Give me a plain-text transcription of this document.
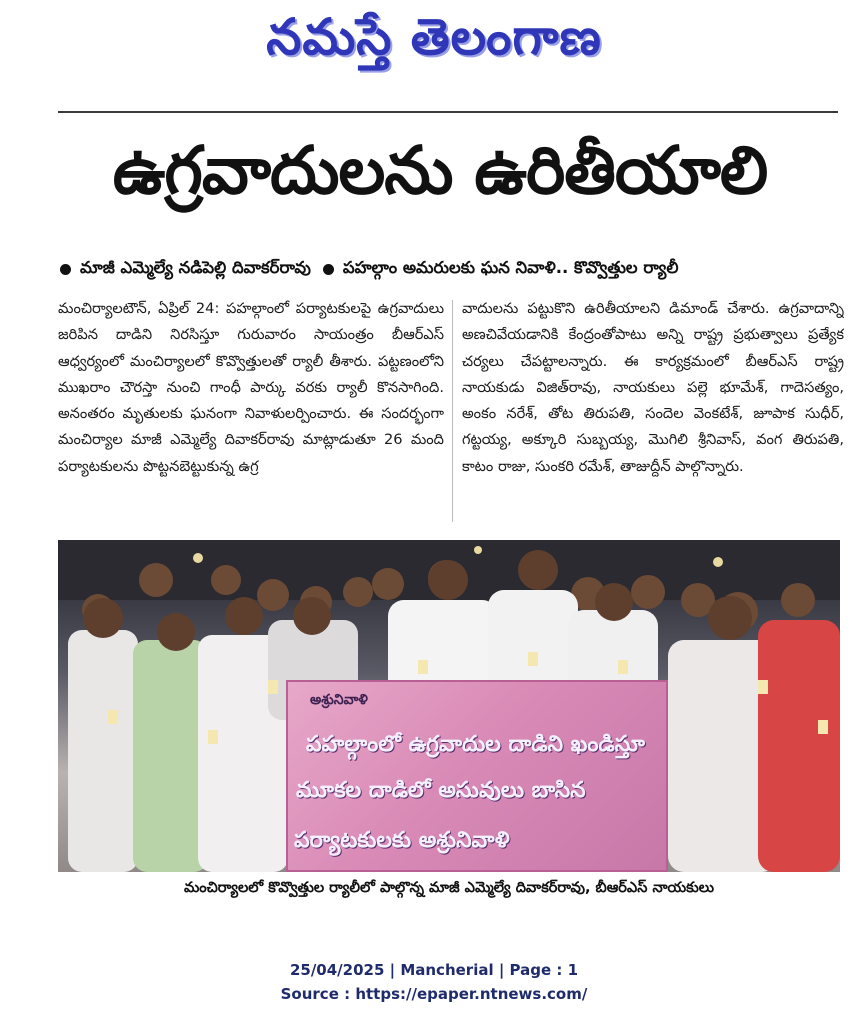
నమస్తే తెలంగాణ
ఉగ్రవాదులను ఉరితీయాలి
మాజీ ఎమ్మెల్యే నడిపెల్లి దివాకర్‌రావు పహల్గాం అమరులకు ఘన నివాళి.. కొవ్వొత్తుల ర్యాలీ
మంచిర్యాలటౌన్, ఏప్రిల్ 24: పహల్గాంలో పర్యాటకులపై ఉగ్రవాదులు జరిపిన దాడిని నిరసిస్తూ గురువారం సాయంత్రం బీఆర్‌ఎస్ ఆధ్వర్యంలో మంచిర్యాలలో కొవ్వొత్తులతో ర్యాలీ తీశారు. పట్టణంలోని ముఖరాం చౌరస్తా నుంచి గాంధీ పార్కు వరకు ర్యాలీ కొనసాగింది. అనంతరం మృతులకు ఘనంగా నివాళులర్పించారు. ఈ సందర్భంగా మంచిర్యాల మాజీ ఎమ్మెల్యే దివాకర్‌రావు మాట్లాడుతూ 26 మంది పర్యాటకులను పొట్టనబెట్టుకున్న ఉగ్ర
వాదులను పట్టుకొని ఉరితీయాలని డిమాండ్ చేశారు. ఉగ్రవాదాన్ని అణచివేయడానికి కేంద్రంతోపాటు అన్ని రాష్ట్ర ప్రభుత్వాలు ప్రత్యేక చర్యలు చేపట్టాలన్నారు. ఈ కార్యక్రమంలో బీఆర్‌ఎస్ రాష్ట్ర నాయకుడు విజిత్‌రావు, నాయకులు పల్లె భూమేశ్, గాదెసత్యం, అంకం నరేశ్, తోట తిరుపతి, సందెల వెంకటేశ్, జూపాక సుధీర్, గట్టయ్య, అక్కూరి సుబ్బయ్య, మొగిలి శ్రీనివాస్, వంగ తిరుపతి, కాటం రాజు, సుంకరి రమేశ్, తాజుద్దీన్ పాల్గొన్నారు.
అశ్రునివాళి
పహల్గాంలో ఉగ్రవాదుల దాడిని ఖండిస్తూ
మూకల దాడిలో అసువులు బాసిన
పర్యాటకులకు అశ్రునివాళి
మంచిర్యాలలో కొవ్వొత్తుల ర్యాలీలో పాల్గొన్న మాజీ ఎమ్మెల్యే దివాకర్‌రావు, బీఆర్‌ఎస్ నాయకులు
25/04/2025 | Mancherial | Page : 1
Source : https://epaper.ntnews.com/
